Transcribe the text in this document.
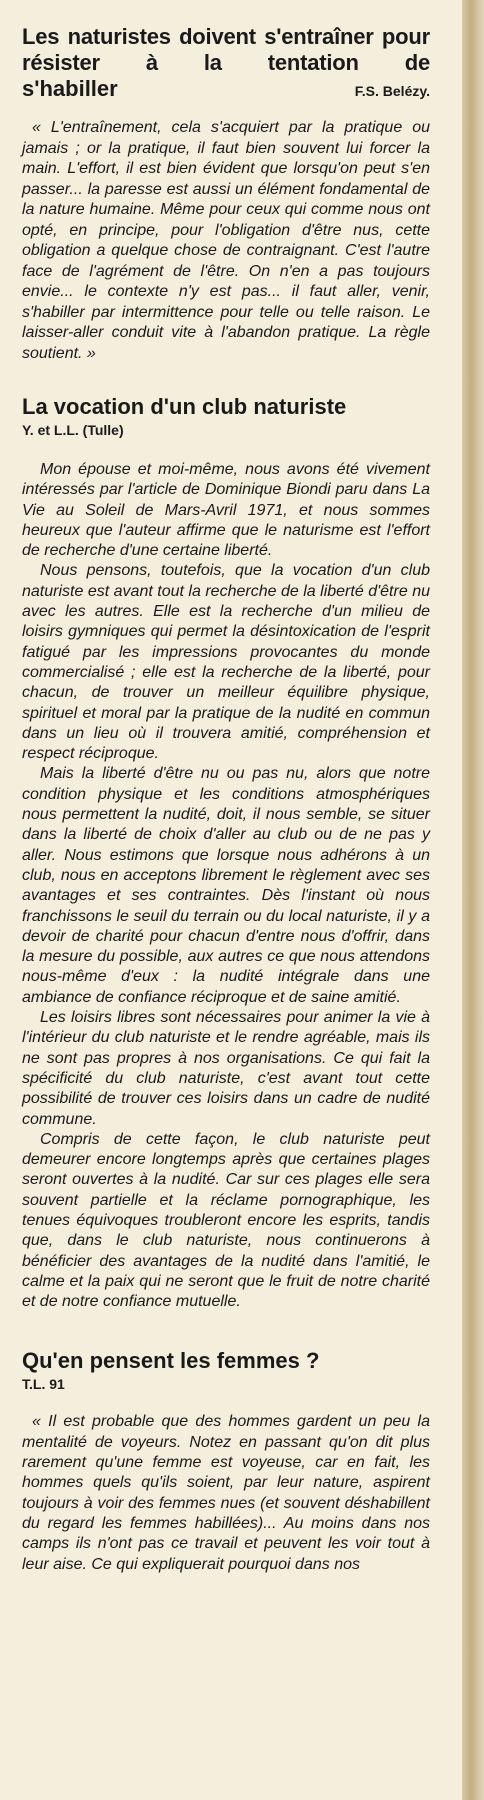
Les naturistes doivent s'entraîner pour résister à la tentation de
s'habiller	F.S. Belézy.

« L'entraînement, cela s'acquiert par la pratique ou jamais ; or la pratique, il faut bien souvent lui forcer la main. L'effort, il est bien évident que lorsqu'on peut s'en passer... la paresse est aussi un élément fondamental de la nature humaine. Même pour ceux qui comme nous ont opté, en principe, pour l'obligation d'être nus, cette obligation a quelque chose de contraignant. C'est l'autre face de l'agrément de l'être. On n'en a pas toujours envie... le contexte n'y est pas... il faut aller, venir, s'habiller par intermittence pour telle ou telle raison. Le laisser-aller conduit vite à l'abandon pratique. La règle soutient. »

La vocation d'un club naturiste
Y. et L.L. (Tulle)

Mon épouse et moi-même, nous avons été vivement intéressés par l'article de Dominique Biondi paru dans La Vie au Soleil de Mars-Avril 1971, et nous sommes heureux que l'auteur affirme que le naturisme est l'effort de recherche d'une certaine liberté.

Nous pensons, toutefois, que la vocation d'un club naturiste est avant tout la recherche de la liberté d'être nu avec les autres. Elle est la recherche d'un milieu de loisirs gymniques qui permet la désintoxication de l'esprit fatigué par les impressions provocantes du monde commercialisé ; elle est la recherche de la liberté, pour chacun, de trouver un meilleur équilibre physique, spirituel et moral par la pratique de la nudité en commun dans un lieu où il trouvera amitié, compréhension et respect réciproque.

Mais la liberté d'être nu ou pas nu, alors que notre condition physique et les conditions atmosphériques nous permettent la nudité, doit, il nous semble, se situer dans la liberté de choix d'aller au club ou de ne pas y aller. Nous estimons que lorsque nous adhérons à un club, nous en acceptons librement le règlement avec ses avantages et ses contraintes. Dès l'instant où nous franchissons le seuil du terrain ou du local naturiste, il y a devoir de charité pour chacun d'entre nous d'offrir, dans la mesure du possible, aux autres ce que nous attendons nous-même d'eux : la nudité intégrale dans une ambiance de confiance réciproque et de saine amitié.

Les loisirs libres sont nécessaires pour animer la vie à l'intérieur du club naturiste et le rendre agréable, mais ils ne sont pas propres à nos organisations. Ce qui fait la spécificité du club naturiste, c'est avant tout cette possibilité de trouver ces loisirs dans un cadre de nudité commune.

Compris de cette façon, le club naturiste peut demeurer encore longtemps après que certaines plages seront ouvertes à la nudité. Car sur ces plages elle sera souvent partielle et la réclame pornographique, les tenues équivoques troubleront encore les esprits, tandis que, dans le club naturiste, nous continuerons à bénéficier des avantages de la nudité dans l'amitié, le calme et la paix qui ne seront que le fruit de notre charité et de notre confiance mutuelle.

Qu'en pensent les femmes ?
T.L. 91

« Il est probable que des hommes gardent un peu la mentalité de voyeurs. Notez en passant qu'on dit plus rarement qu'une femme est voyeuse, car en fait, les hommes quels qu'ils soient, par leur nature, aspirent toujours à voir des femmes nues (et souvent déshabillent du regard les femmes habillées)... Au moins dans nos camps ils n'ont pas ce travail et peuvent les voir tout à leur aise. Ce qui expliquerait pourquoi dans nos
